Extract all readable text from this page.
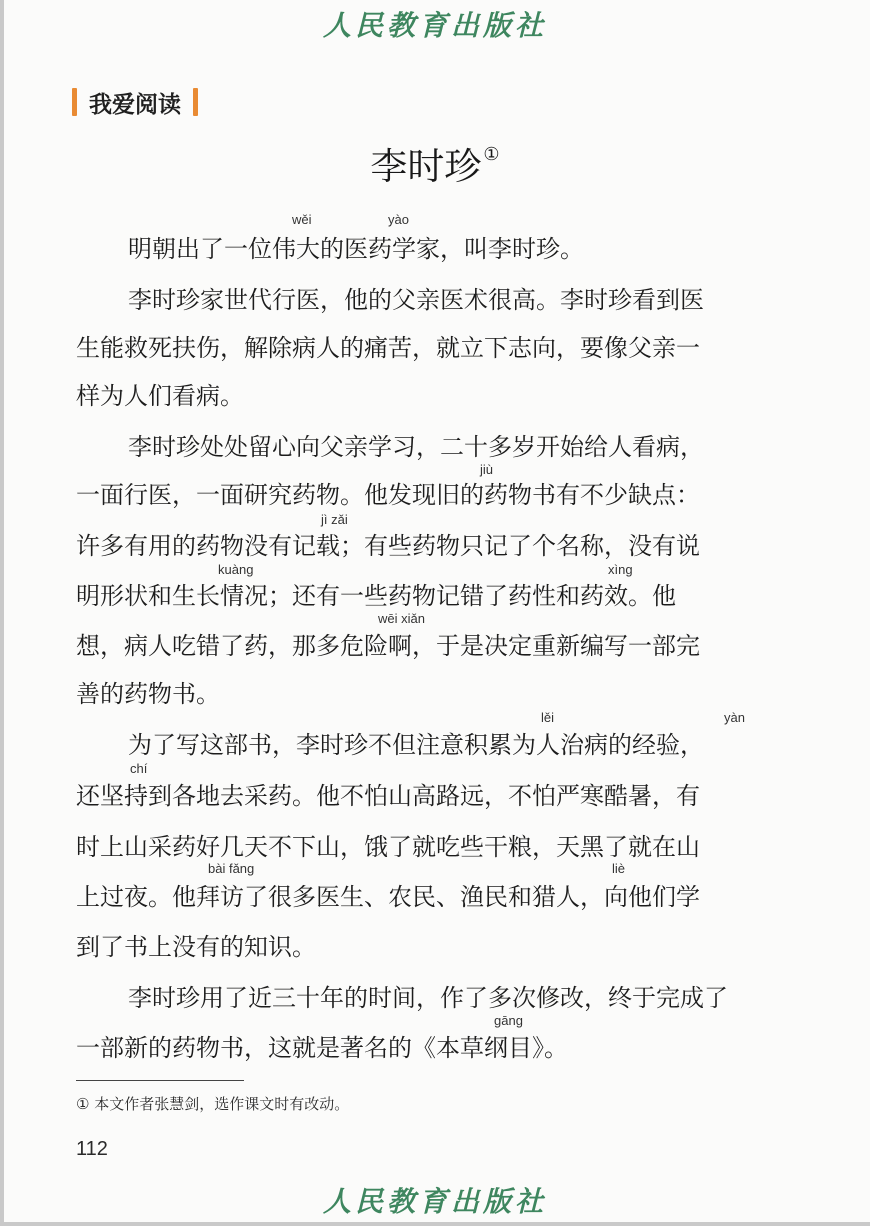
人民教育出版社
我爱阅读
李时珍 ①
明朝出了一位伟大的医药学家，叫李时珍。
李时珍家世代行医，他的父亲医术很高。李时珍看到医
生能救死扶伤，解除病人的痛苦，就立下志向，要像父亲一
样为人们看病。
李时珍处处留心向父亲学习，二十多岁开始给人看病，
一面行医，一面研究药物。他发现旧的药物书有不少缺点：
许多有用的药物没有记载；有些药物只记了个名称，没有说
明形状和生长情况；还有一些药物记错了药性和药效。他
想，病人吃错了药，那多危险啊，于是决定重新编写一部完
善的药物书。
为了写这部书，李时珍不但注意积累为人治病的经验，
还坚持到各地去采药。他不怕山高路远，不怕严寒酷暑，有
时上山采药好几天不下山，饿了就吃些干粮，天黑了就在山
上过夜。他拜访了很多医生、农民、渔民和猎人，向他们学
到了书上没有的知识。
李时珍用了近三十年的时间，作了多次修改，终于完成了
一部新的药物书，这就是著名的《本草纲目》。
wěi	yào
jiù
jì zǎi
kuàng	xìng
wēi xiǎn
lěi	yàn
chí
bài fǎng	liè
gāng
① 本文作者张慧剑，选作课文时有改动。
112
人民教育出版社
